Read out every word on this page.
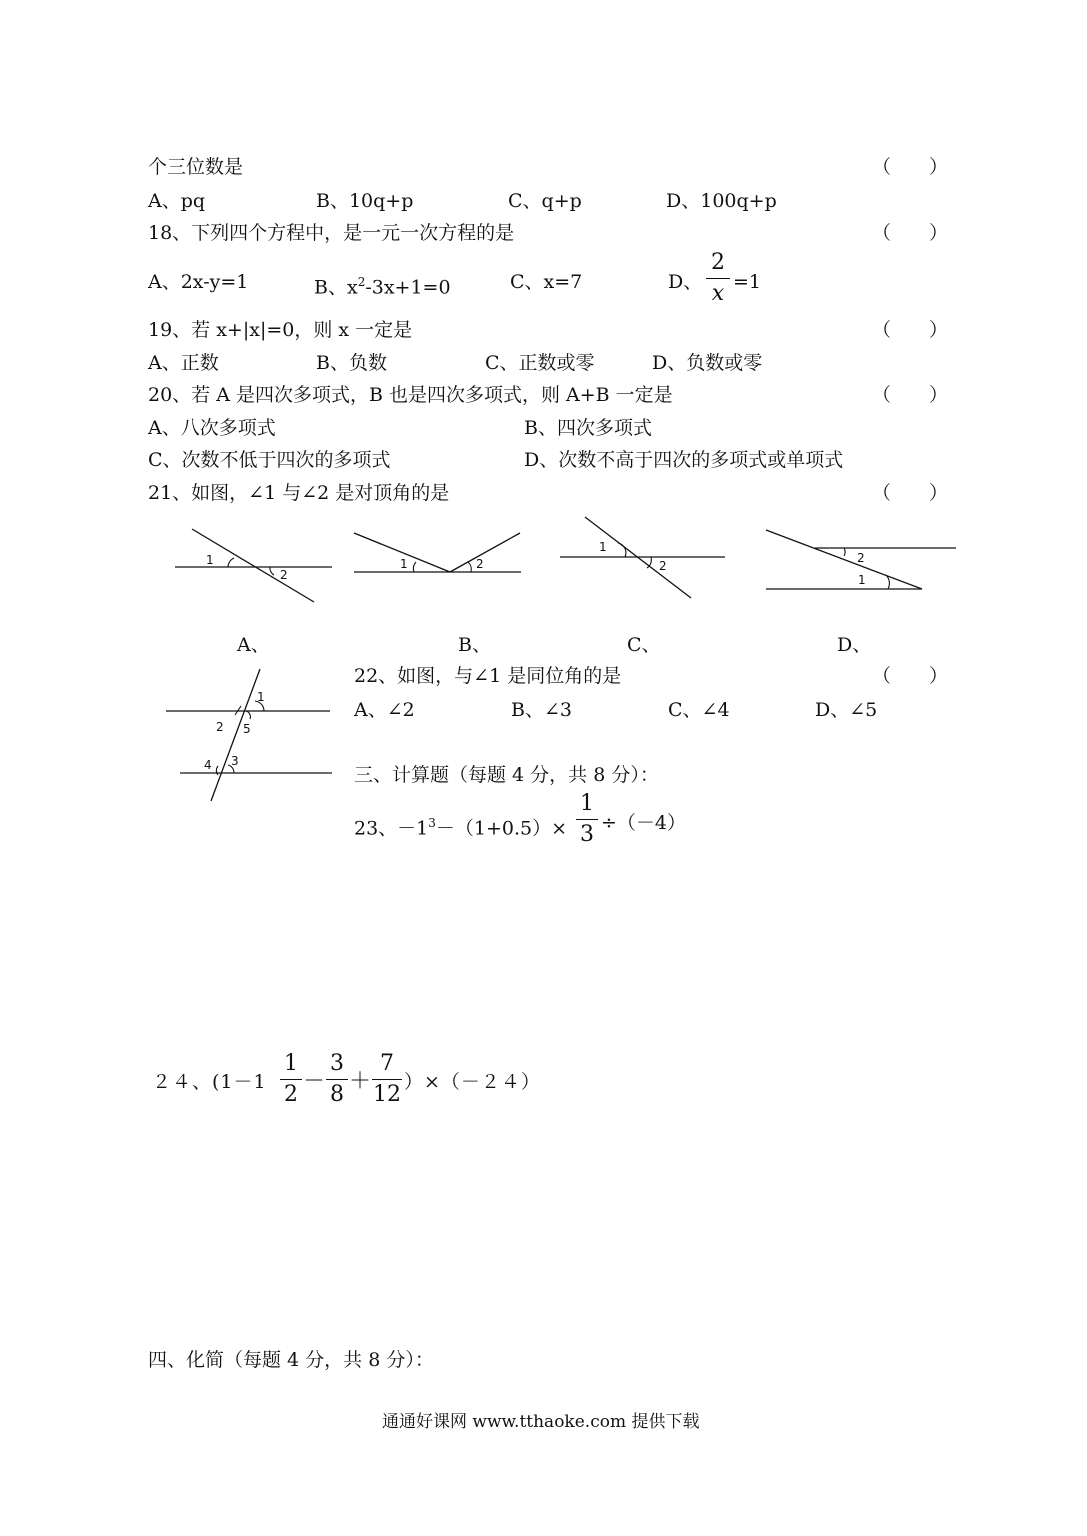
个三位数是	（　　）
A、pq	B、10q+p	C、q+p	D、100q+p
18、下列四个方程中，是一元一次方程的是	（　　）
A、2x-y=1	B、$x^2-3x+1=0$	C、x=7	D、
2
x =1
19、若 x+|x|=0，则 x 一定是	（　　）
A、正数	B、负数	C、正数或零	D、负数或零
20、若 A 是四次多项式，B 也是四次多项式，则 A+B 一定是	（　　）
A、八次多项式	B、四次多项式
C、次数不低于四次的多项式	D、次数不高于四次的多项式或单项式
21、如图，∠1 与∠2 是对顶角的是	（　　）
1
2
1	2
1
2
2
1
A、	B、	C、	D、
1
2 5
4 3
22、如图，与∠1 是同位角的是	（　　）
A、∠2	B、∠3	C、∠4	D、∠5
三、计算题（每题 4 分，共 8 分）：
23、$-1^3-(1+0.5)\times$
1
3 ÷（－4）
２４、(1－1
1
2
－
3
8
＋
7
12 ）×（－２４）
四、化简（每题 4 分，共 8 分）：
通通好课网 www.tthaoke.com 提供下载
